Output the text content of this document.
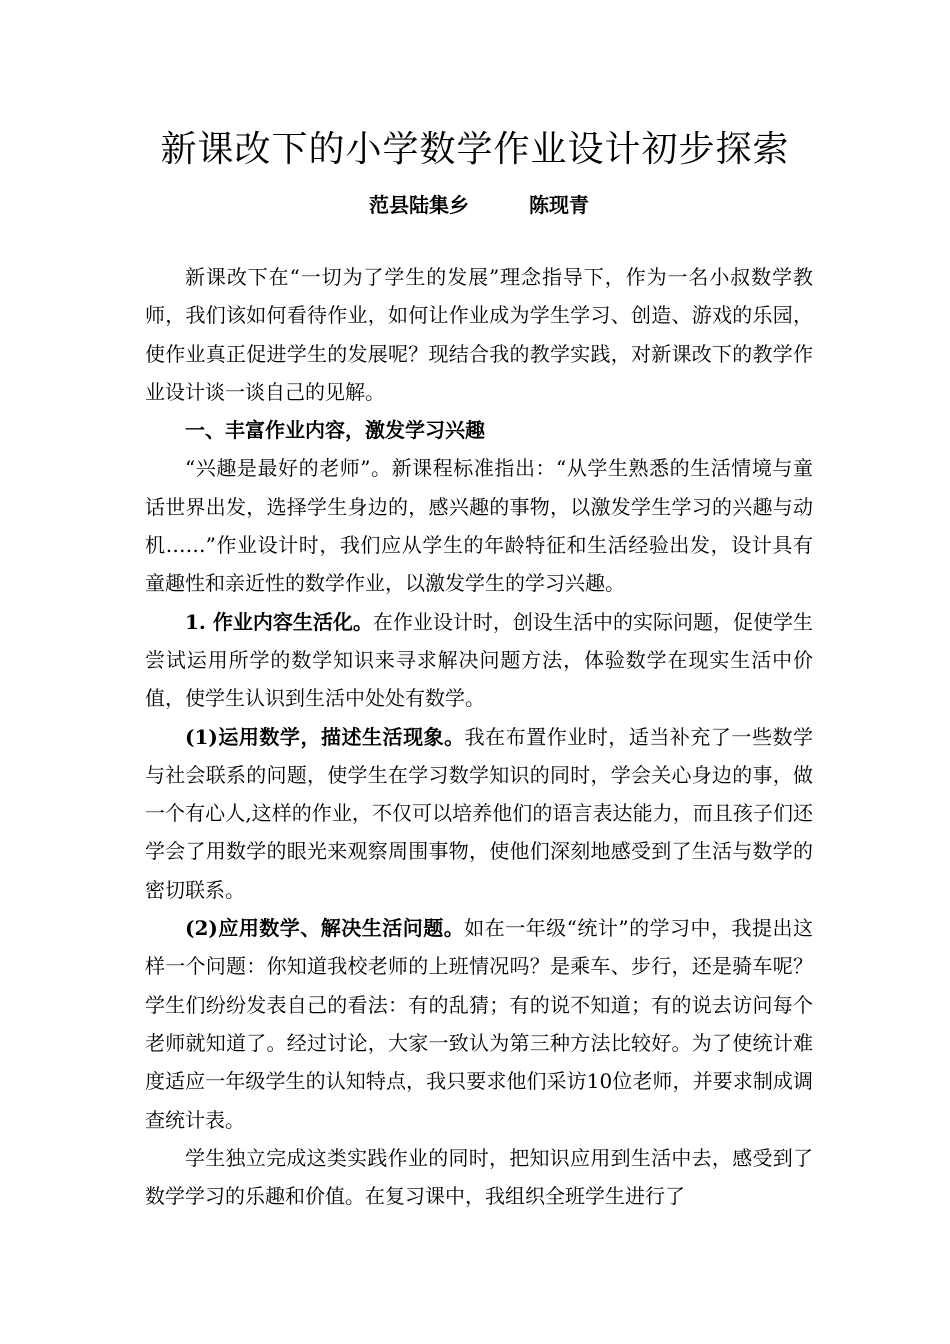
新课改下的小学数学作业设计初步探索
范县陆集乡	陈现青

新课改下在“一切为了学生的发展”理念指导下，作为一名小叔数学教师，我们该如何看待作业，如何让作业成为学生学习、创造、游戏的乐园，使作业真正促进学生的发展呢？现结合我的教学实践，对新课改下的教学作业设计谈一谈自己的见解。

一、丰富作业内容，激发学习兴趣

“兴趣是最好的老师”。新课程标准指出：“从学生熟悉的生活情境与童话世界出发，选择学生身边的，感兴趣的事物，以激发学生学习的兴趣与动机……”作业设计时，我们应从学生的年龄特征和生活经验出发，设计具有童趣性和亲近性的数学作业，以激发学生的学习兴趣。

1. 作业内容生活化。在作业设计时，创设生活中的实际问题，促使学生尝试运用所学的数学知识来寻求解决问题方法，体验数学在现实生活中价值，使学生认识到生活中处处有数学。

(1)运用数学，描述生活现象。我在布置作业时，适当补充了一些数学与社会联系的问题，使学生在学习数学知识的同时，学会关心身边的事，做一个有心人,这样的作业，不仅可以培养他们的语言表达能力，而且孩子们还学会了用数学的眼光来观察周围事物，使他们深刻地感受到了生活与数学的密切联系。

(2)应用数学、解决生活问题。如在一年级“统计”的学习中，我提出这样一个问题：你知道我校老师的上班情况吗？是乘车、步行，还是骑车呢？学生们纷纷发表自己的看法：有的乱猜；有的说不知道；有的说去访问每个老师就知道了。经过讨论，大家一致认为第三种方法比较好。为了使统计难度适应一年级学生的认知特点，我只要求他们采访10位老师，并要求制成调查统计表。

学生独立完成这类实践作业的同时，把知识应用到生活中去，感受到了数学学习的乐趣和价值。在复习课中，我组织全班学生进行了
